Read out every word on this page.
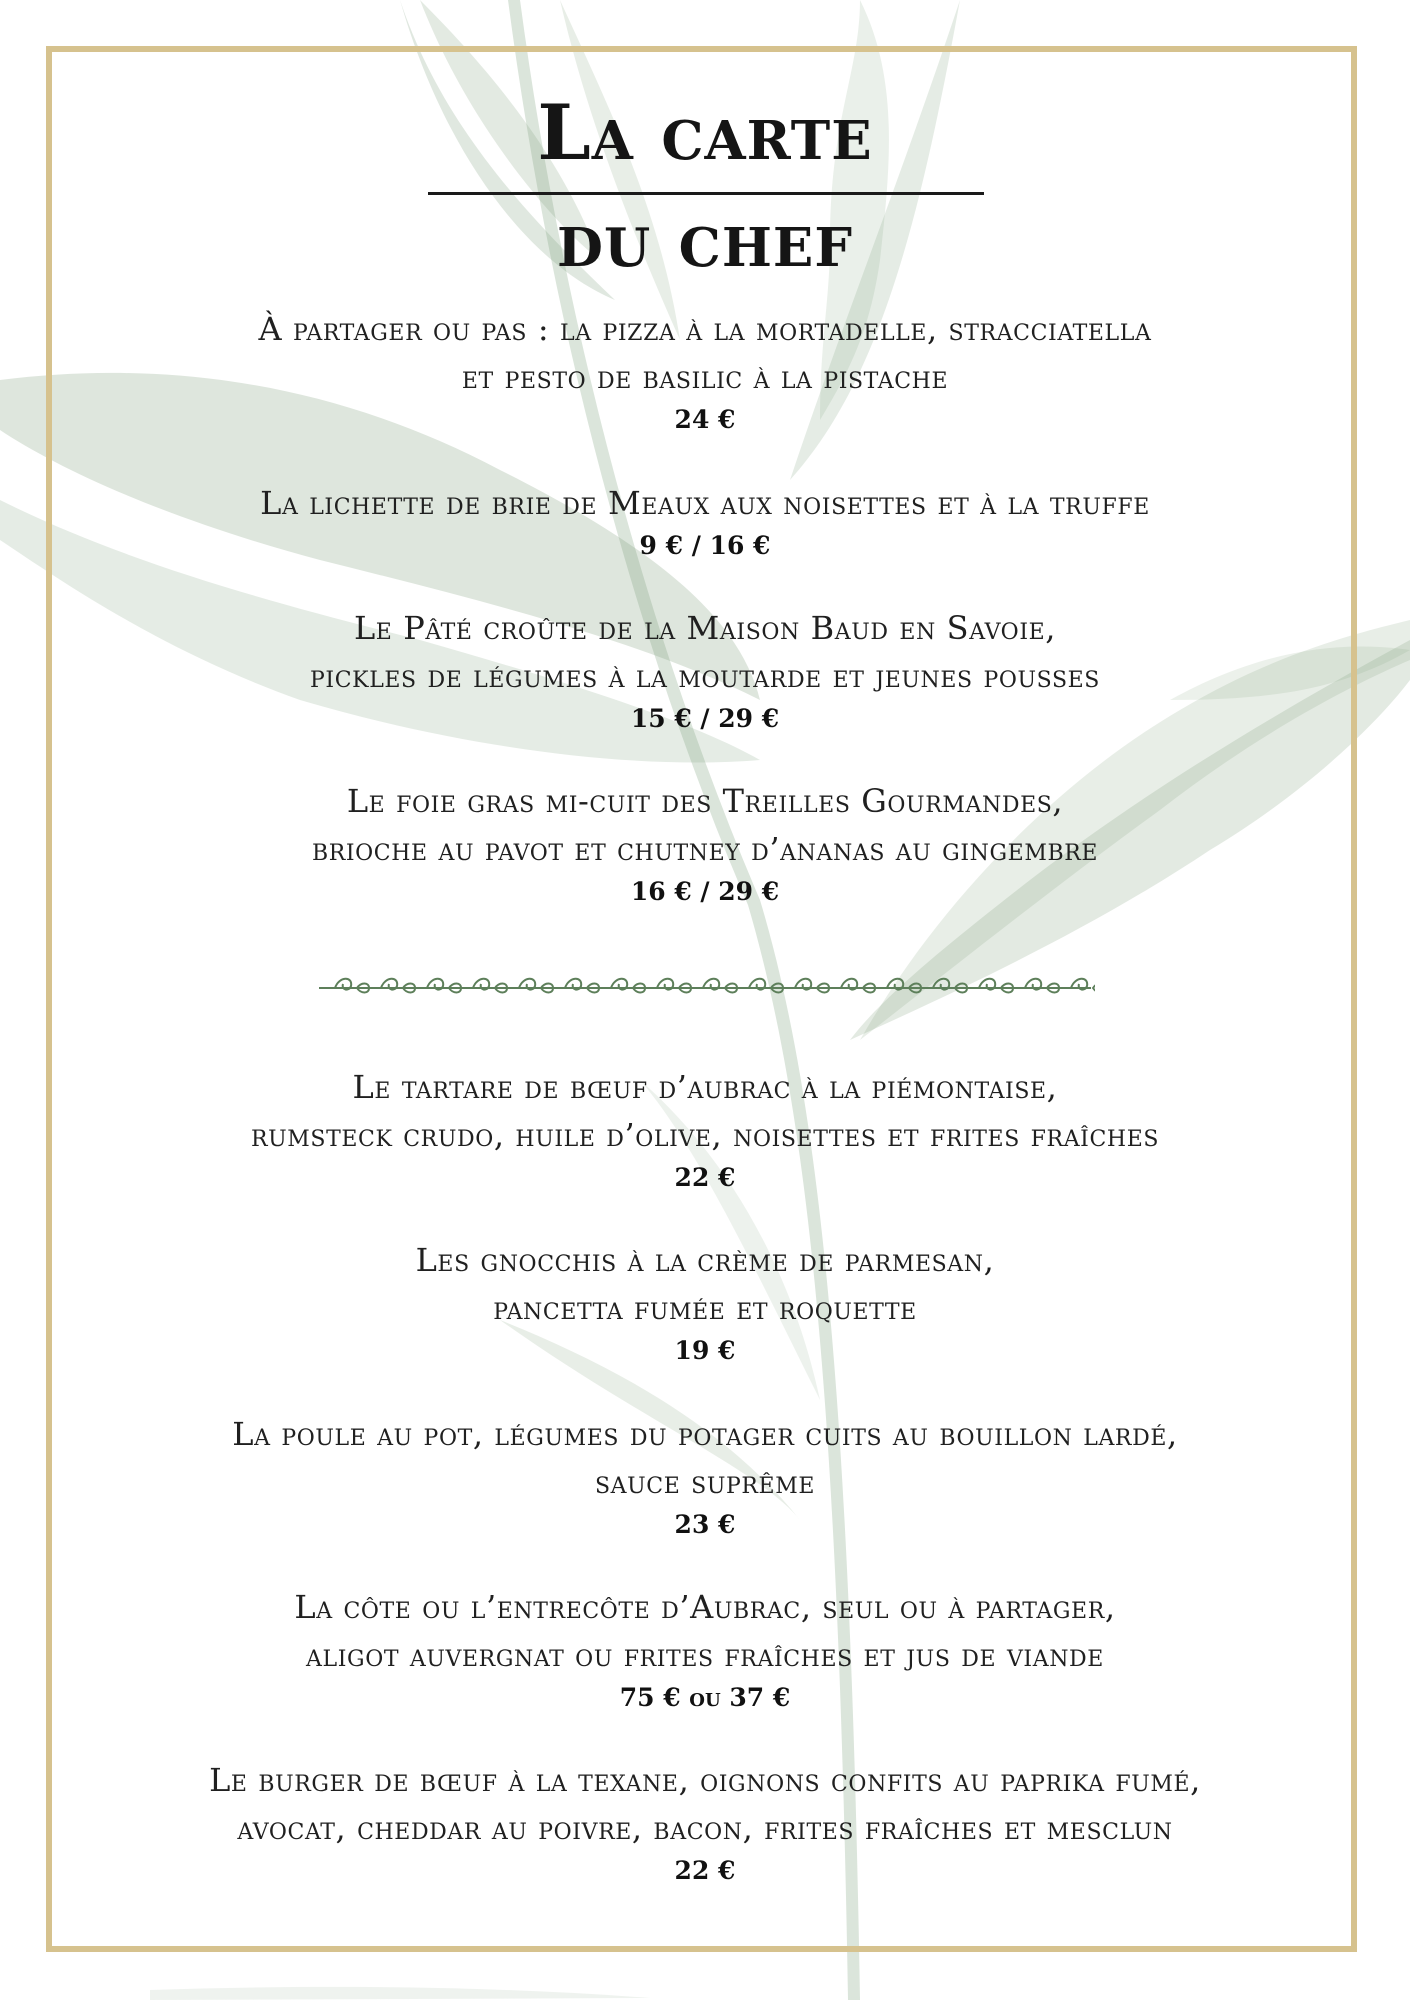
La carte
du chef
À partager ou pas : la pizza à la mortadelle, stracciatella
et pesto de basilic à la pistache
24 €
La lichette de brie de Meaux aux noisettes et à la truffe
9 € / 16 €
Le Pâté croûte de la Maison Baud en Savoie,
pickles de légumes à la moutarde et jeunes pousses
15 € / 29 €
Le foie gras mi-cuit des Treilles Gourmandes,
brioche au pavot et chutney d’ananas au gingembre
16 € / 29 €
Le tartare de bœuf d’aubrac à la piémontaise,
rumsteck crudo, huile d’olive, noisettes et frites fraîches
22 €
Les gnocchis à la crème de parmesan,
pancetta fumée et roquette
19 €
La poule au pot, légumes du potager cuits au bouillon lardé,
sauce suprême
23 €
La côte ou l’entrecôte d’Aubrac, seul ou à partager,
aligot auvergnat ou frites fraîches et jus de viande
75 € ou 37 €
Le burger de bœuf à la texane, oignons confits au paprika fumé,
avocat, cheddar au poivre, bacon, frites fraîches et mesclun
22 €
